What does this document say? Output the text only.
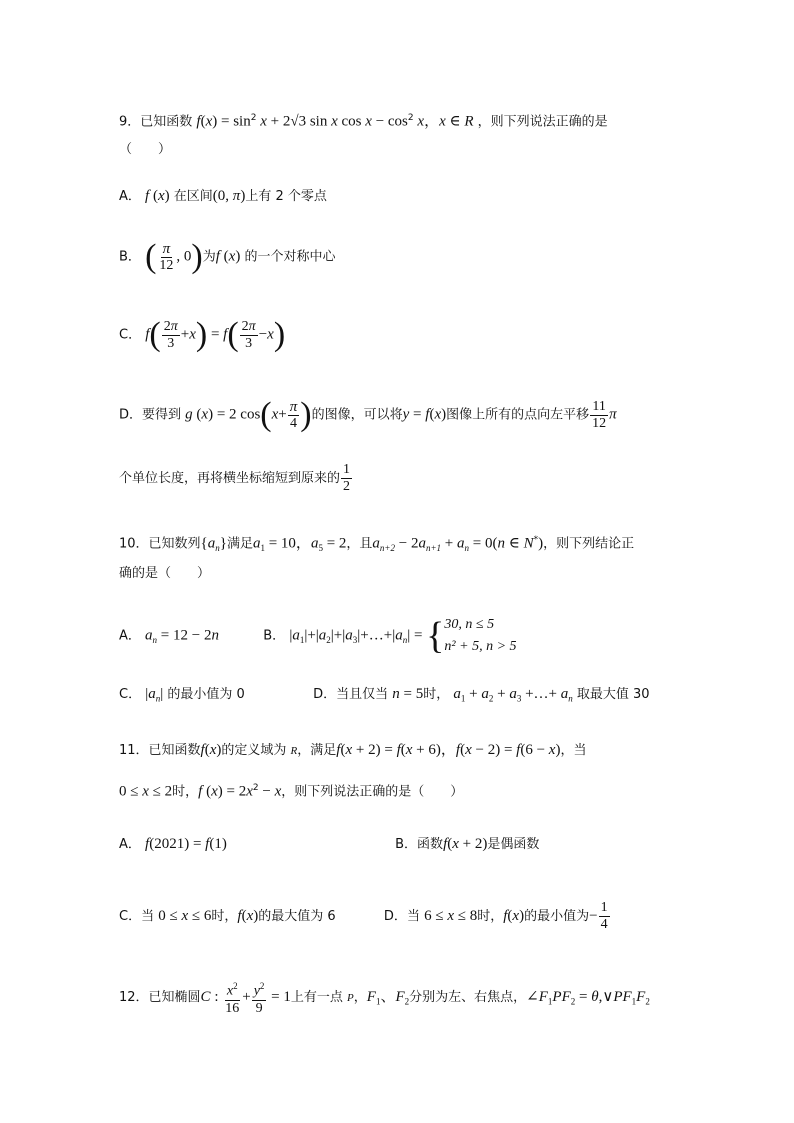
9．已知函数 $f(x) = \sin^2 x + 2√3$ sin x $\cos x - \cos^2 x$，x ∈ R ，则下列说法正确的是
（　　）
A． f (x) 在区间(0, π)上有 2 个零点
B． ( $\frac{\pi}{12}$ , 0)为f (x) 的一个对称中心
C． $f( \frac{2\pi}{3} +x) = f( \frac{2\pi}{3} -x)$
D．要得到 g (x) = 2 $\cos(x+ \frac{\pi}{4}$ )的图像，可以将y = f(x)图像上所有的点向左平移 $\frac{11}{12}$ π
个单位长度，再将横坐标缩短到原来的 $\frac{1}{2}$
10．已知数列$\{a_n\}$满足$a_1 = 10$，$a_5 = 2$，且$a_{n+2} - 2a_{n+1} + a_n = 0(n$ ∈ N*)，则下列结论正
确的是（　　）
A． $a_n = 12 - 2n$	B． $|a_1|+|a_2|+|a_3|+\dots+|a_n|$ = { 30, n ≤ 5
n² + 5, n > 5
C． $|a_n|$ 的最小值为 0	D．当且仅当 n = 5时， $a_1 + a_2 + a_3$ +…+ $a_n$ 取最大值 30
11．已知函数f(x)的定义域为 R，满足f(x + 2) = f(x + 6)，f(x − 2) = f(6 − x)，当
0 ≤ x ≤ 2时，f $(x) = 2x^2 - x$，则下列说法正确的是（　　）
A． f(2021) = f(1)	B．函数f(x + 2)是偶函数
C．当 0 ≤ x ≤ 6时，f(x)的最大值为 6	D．当 6 ≤ x ≤ 8时，f(x)的最小值为− $\frac{1}{4}$
12．已知椭圆C : $\frac{x^2}{16} + \frac{y^2}{9} = 1$上有一点 P，$F_1$、$F_2$分别为左、右焦点，$\angle F_1PF_2$ = $\theta,\vee PF_1F_2$
